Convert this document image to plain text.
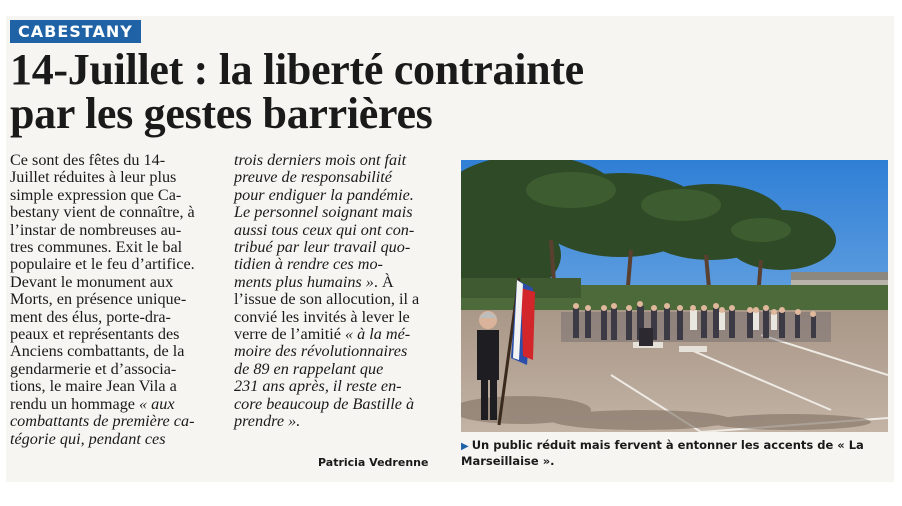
CABESTANY
14-Juillet : la liberté contrainte
par les gestes barrières
Ce sont des fêtes du 14-
Juillet réduites à leur plus
simple expression que Ca-
bestany vient de connaître, à
l’instar de nombreuses au-
tres communes. Exit le bal
populaire et le feu d’artifice.
Devant le monument aux
Morts, en présence unique-
ment des élus, porte-dra-
peaux et représentants des
Anciens combattants, de la
gendarmerie et d’associa-
tions, le maire Jean Vila a
rendu un hommage « aux
combattants de première ca-
tégorie qui, pendant ces
trois derniers mois ont fait
preuve de responsabilité
pour endiguer la pandémie.
Le personnel soignant mais
aussi tous ceux qui ont con-
tribué par leur travail quo-
tidien à rendre ces mo-
ments plus humains ». À
l’issue de son allocution, il a
convié les invités à lever le
verre de l’amitié « à la mé-
moire des révolutionnaires
de 89 en rappelant que
231 ans après, il reste en-
core beaucoup de Bastille à
prendre ».
Patricia Vedrenne
▶ Un public réduit mais fervent à entonner les accents de « La Marseillaise ».
